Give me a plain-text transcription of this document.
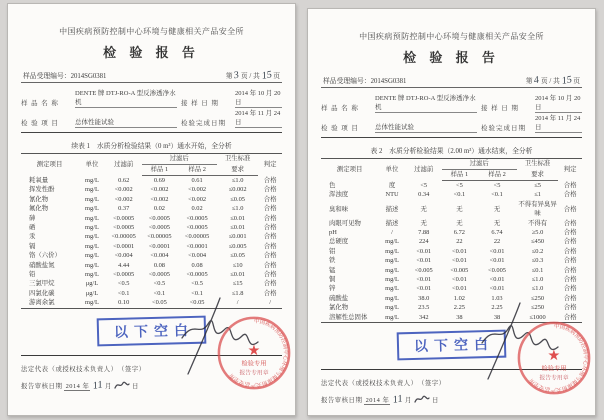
中国疾病预防控制中心环境与健康相关产品安全所
检 验 报 告
样品受理编号：2014SG0381	第 3 页 / 共 15 页
样 品 名 称
DENTE 牌 DTJ-RO-A 型反渗透净水机	接 样 日 期
2014 年 10 月 20 日
检 验 项 目	总体性能试验	检验完成日期
2014 年 11 月 24 日
续表 1　水质分析检验结果（0 m³）通水开始，全分析
测定项目	单位	过滤前	过滤后		卫生标准	判定
			样品 1	样品 2	要求	
耗氧量	mg/L	0.62	0.69	0.61	≤1.0	合格
挥发性酚	mg/L	<0.002	<0.002	<0.002	≤0.002	合格
氰化物	mg/L	<0.002	<0.002	<0.002	≤0.05	合格
氟化物	mg/L	0.37	0.02	0.02	≤1.0	合格
砷	mg/L	<0.0005	<0.0005	<0.0005	≤0.01	合格
硒	mg/L	<0.0005	<0.0005	<0.0005	≤0.01	合格
汞	mg/L	<0.00005	<0.00005	<0.00005	≤0.001	合格
镉	mg/L	<0.0001	<0.0001	<0.0001	≤0.005	合格
铬（六价）	mg/L	<0.004	<0.004	<0.004	≤0.05	合格
硝酸盐氮	mg/L	4.44	0.08	0.08	≤10	合格
铅	mg/L	<0.0005	<0.0005	<0.0005	≤0.01	合格
三氯甲烷	μg/L	<0.5	<0.5	<0.5	≤15	合格
四氯化碳	μg/L	<0.1	<0.1	<0.1	≤1.8	合格
游离余氯	mg/L	0.10	<0.05	<0.05	/	/
以下空白
法定代表（或授权技术负责人）　（签字）
报告审核日期 2014 年 11 月	日
中国疾病预防控制中心环境与健康相关产品安全所
★
检验专用
报告专用章
中国疾病预防控制中心环境与健康相关产品安全所
检 验 报 告
样品受理编号：2014SG0381	第 4 页 / 共 15 页
样 品 名 称
DENTE 牌 DTJ-RO-A 型反渗透净水机	接 样 日 期
2014 年 10 月 20 日
检 验 项 目	总体性能试验	检验完成日期
2014 年 11 月 24 日
表 2　水质分析检验结果（2.00 m³）通水结束，全分析
测定项目	单位	过滤前	过滤后		卫生标准	判定
			样品 1	样品 2	要求	
色	度	<5	<5	<5	≤5	合格
浑浊度	NTU	0.34	<0.1	<0.1	≤1	合格
臭和味	描述	无	无	无	不得有异臭异味	合格
肉眼可见物	描述	无	无	无	不得有	合格
pH	/	7.88	6.72	6.74	≥5.0	合格
总硬度	mg/L	224	22	22	≤450	合格
铝	mg/L	<0.01	<0.01	<0.01	≤0.2	合格
铁	mg/L	<0.01	<0.01	<0.01	≤0.3	合格
锰	mg/L	<0.005	<0.005	<0.005	≤0.1	合格
铜	mg/L	<0.01	<0.01	<0.01	≤1.0	合格
锌	mg/L	<0.01	<0.01	<0.01	≤1.0	合格
硫酸盐	mg/L	38.0	1.02	1.03	≤250	合格
氯化物	mg/L	23.5	2.25	2.25	≤250	合格
溶解性总固体	mg/L	342	38	38	≤1000	合格
以下空白
法定代表（或授权技术负责人）　（签字）
报告审核日期 2014 年 11 月	日
中国疾病预防控制中心环境与健康相关产品安全所
★
检验专用
报告专用章
